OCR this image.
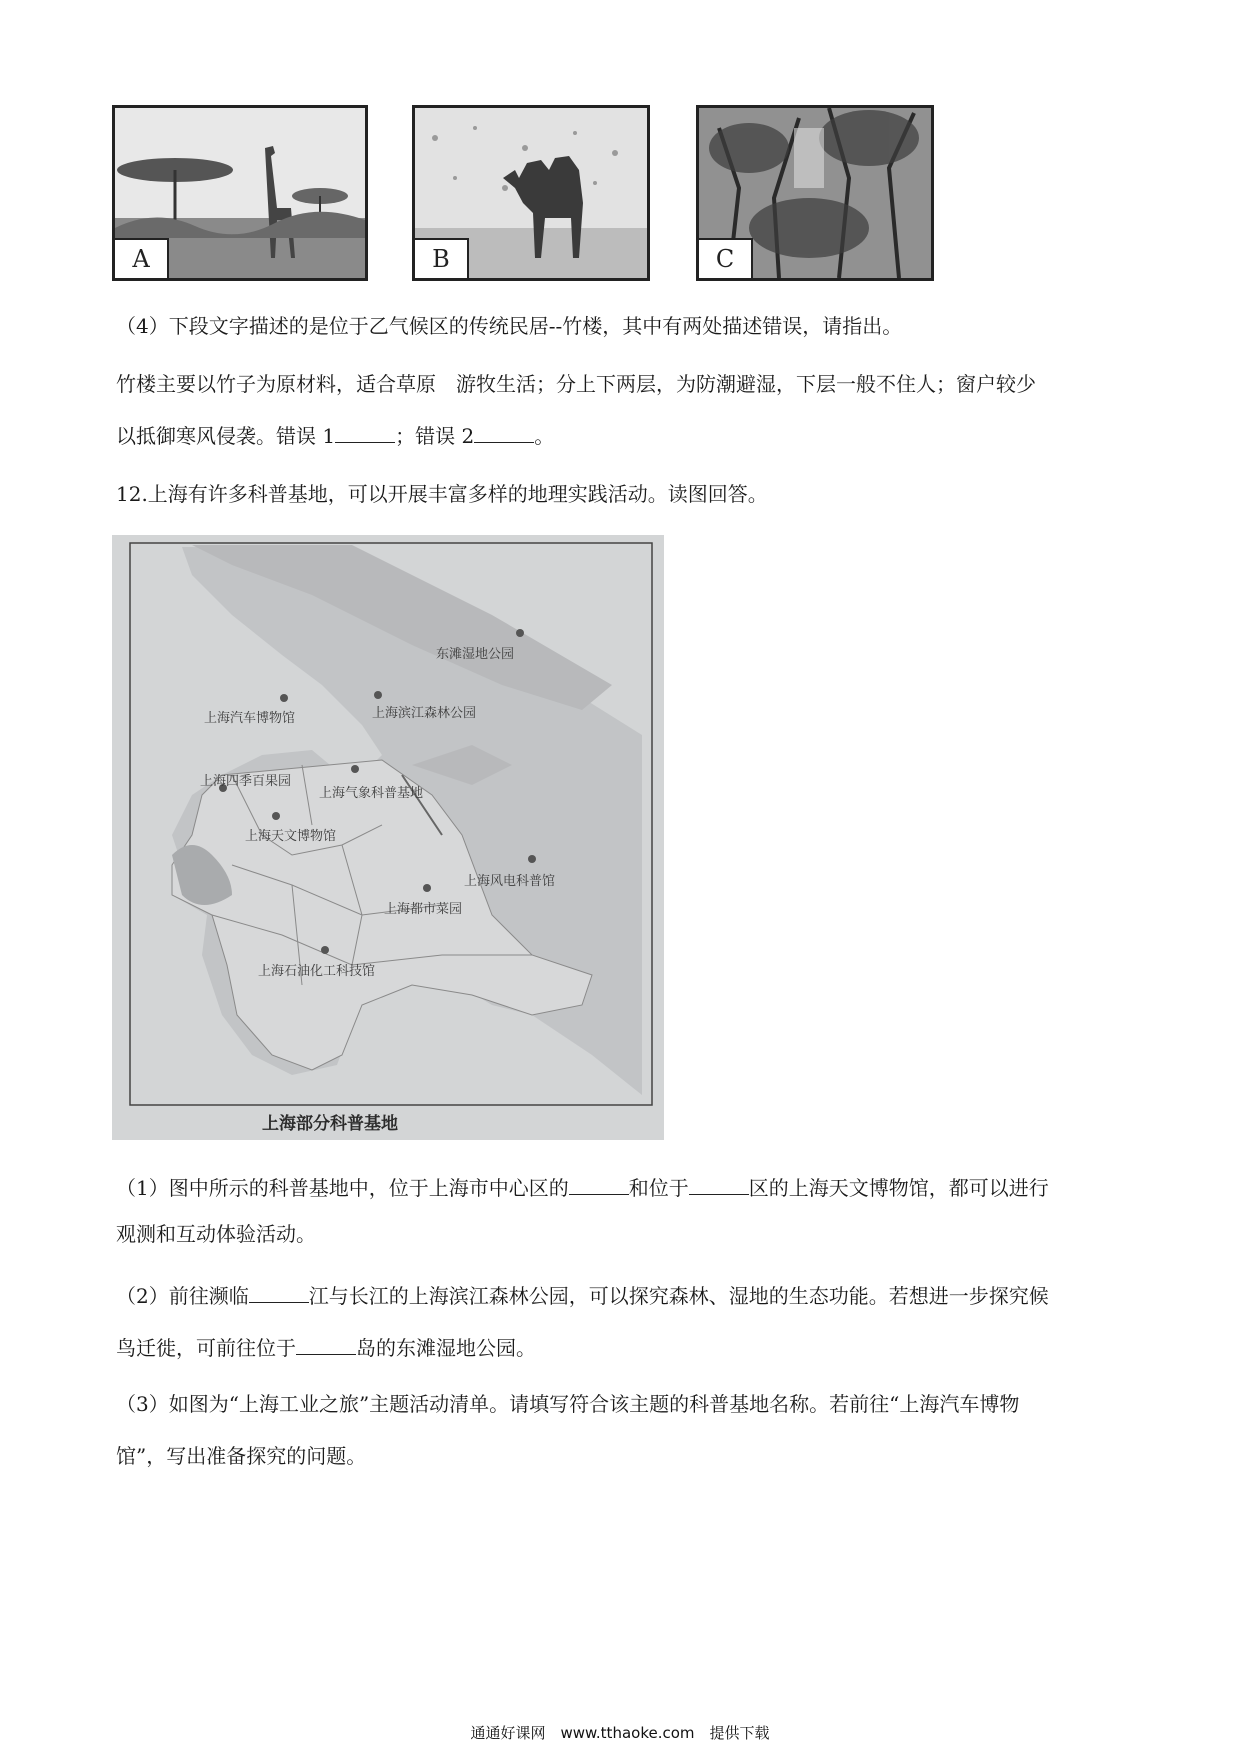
A	B	C
（4）下段文字描述的是位于乙气候区的传统民居--竹楼，其中有两处描述错误，请指出。
竹楼主要以竹子为原材料，适合草原　游牧生活；分上下两层，为防潮避湿，下层一般不住人；窗户较少
以抵御寒风侵袭。错误 1	；错误 2	。
12.上海有许多科普基地，可以开展丰富多样的地理实践活动。读图回答。
东滩湿地公园
上海汽车博物馆	上海滨江森林公园
上海四季百果园
上海气象科普基地
上海天文博物馆
上海风电科普馆
上海都市菜园
上海石油化工科技馆
上海部分科普基地
（1）图中所示的科普基地中，位于上海市中心区的	和位于	区的上海天文博物馆，都可以进行
观测和互动体验活动。
（2）前往濒临	江与长江的上海滨江森林公园，可以探究森林、湿地的生态功能。若想进一步探究候
鸟迁徙，可前往位于	岛的东滩湿地公园。
（3）如图为“上海工业之旅”主题活动清单。请填写符合该主题的科普基地名称。若前往“上海汽车博物
馆”，写出准备探究的问题。
通通好课网　www.tthaoke.com　提供下载
